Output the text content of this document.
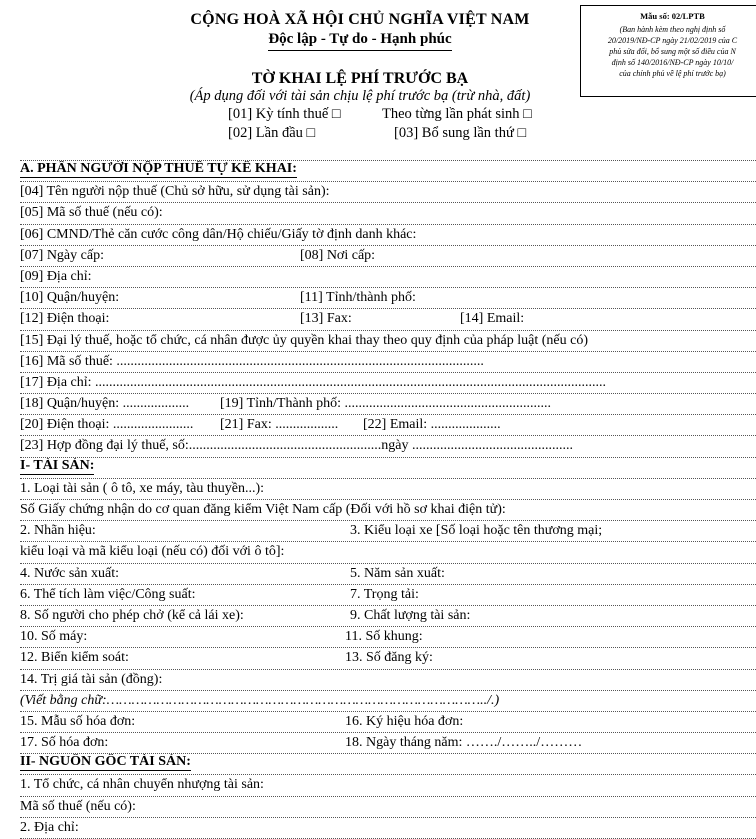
CỘNG HOÀ XÃ HỘI CHỦ NGHĨA VIỆT NAM
Độc lập - Tự do - Hạnh phúc
Mẫu số: 02/LPTB
(Ban hành kèm theo nghị định số
20/2019/NĐ-CP ngày 21/02/2019 của C
phủ sửa đổi, bổ sung một số điều của N
định số 140/2016/NĐ-CP ngày 10/10/
của chính phủ về lệ phí trước bạ)
TỜ KHAI LỆ PHÍ TRƯỚC BẠ
(Áp dụng đối với tài sản chịu lệ phí trước bạ (trừ nhà, đất)
[01] Kỳ tính thuế □	Theo từng lần phát sinh □
[02] Lần đầu □	[03] Bổ sung lần thứ □
A. PHẦN NGƯỜI NỘP THUẾ TỰ KÊ KHAI:
[04] Tên người nộp thuế (Chủ sở hữu, sử dụng tài sản):
[05] Mã số thuế (nếu có):
[06] CMND/Thẻ căn cước công dân/Hộ chiếu/Giấy tờ định danh khác:
[07] Ngày cấp:	[08] Nơi cấp:
[09] Địa chỉ:
[10] Quận/huyện:	[11] Tỉnh/thành phố:
[12] Điện thoại:	[13] Fax:	[14] Email:
[15] Đại lý thuế, hoặc tổ chức, cá nhân được ủy quyền khai thay theo quy định của pháp luật (nếu có)
[16] Mã số thuế: .........................................................................................................
[17] Địa chỉ: ..................................................................................................................................................
[18] Quận/huyện: ................... [19] Tỉnh/Thành phố: ...........................................................
[20] Điện thoại: ....................... [21] Fax: .................. [22] Email: ....................
[23] Hợp đồng đại lý thuế, số:.......................................................ngày ..............................................
I- TÀI SẢN:
1. Loại tài sản ( ô tô, xe máy, tàu thuyền...):
Số Giấy chứng nhận do cơ quan đăng kiểm Việt Nam cấp (Đối với hồ sơ khai điện tử):
2. Nhãn hiệu:	3. Kiểu loại xe [Số loại hoặc tên thương mại;
kiểu loại và mã kiểu loại (nếu có) đối với ô tô]:
4. Nước sản xuất:	5. Năm sản xuất:
6. Thể tích làm việc/Công suất:	7. Trọng tải:
8. Số người cho phép chở (kể cả lái xe):	9. Chất lượng tài sản:
10. Số máy:	11. Số khung:
12. Biển kiểm soát:	13. Số đăng ký:
14. Trị giá tài sản (đồng):
(Viết bằng chữ:………………………………………………………………………………../.)
15. Mẫu số hóa đơn:	16. Ký hiệu hóa đơn:
17. Số hóa đơn:	18. Ngày tháng năm: ……./……../………
II- NGUỒN GỐC TÀI SẢN:
1. Tổ chức, cá nhân chuyển nhượng tài sản:
Mã số thuế (nếu có):
2. Địa chỉ:
